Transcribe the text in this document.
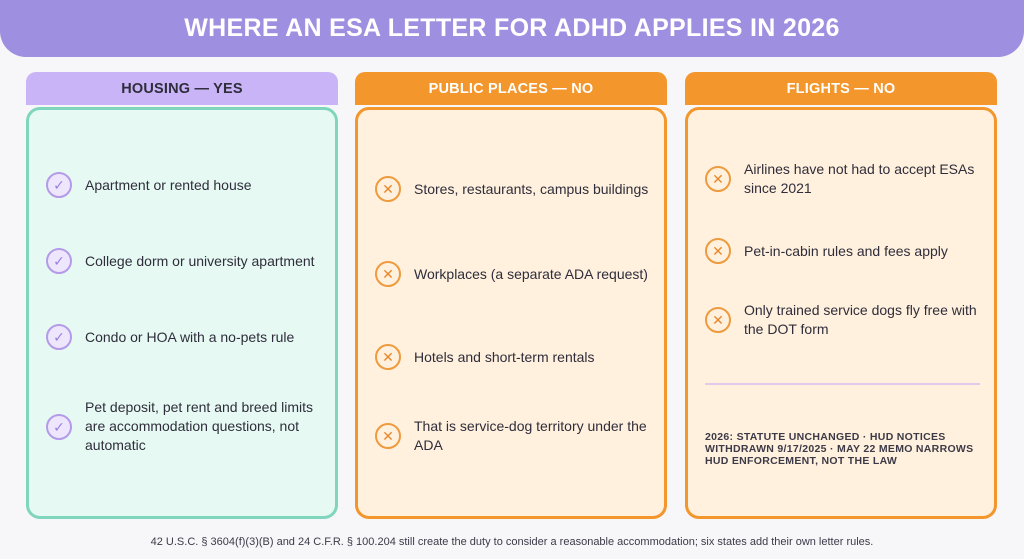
WHERE AN ESA LETTER FOR ADHD APPLIES IN 2026
HOUSING — YES
✓	Apartment or rented house
✓	College dorm or university apartment
✓	Condo or HOA with a no-pets rule
✓
Pet deposit, pet rent and breed limits are accommodation questions, not automatic
PUBLIC PLACES — NO
✕	Stores, restaurants, campus buildings
✕	Workplaces (a separate ADA request)
✕	Hotels and short-term rentals
✕
That is service-dog territory under the ADA
FLIGHTS — NO
✕
Airlines have not had to accept ESAs since 2021
✕	Pet-in-cabin rules and fees apply
✕
Only trained service dogs fly free with the DOT form
2026: STATUTE UNCHANGED · HUD NOTICES WITHDRAWN 9/17/2025 · MAY 22 MEMO NARROWS HUD ENFORCEMENT, NOT THE LAW
42 U.S.C. § 3604(f)(3)(B) and 24 C.F.R. § 100.204 still create the duty to consider a reasonable accommodation; six states add their own letter rules.
